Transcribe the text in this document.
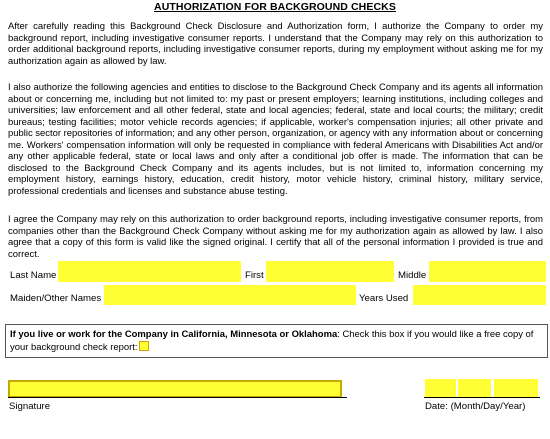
AUTHORIZATION FOR BACKGROUND CHECKS

After carefully reading this Background Check Disclosure and Authorization form, I authorize the Company to order my background report, including investigative consumer reports. I understand that the Company may rely on this authorization to order additional background reports, including investigative consumer reports, during my employment without asking me for my authorization again as allowed by law.

I also authorize the following agencies and entities to disclose to the Background Check Company and its agents all information about or concerning me, including but not limited to: my past or present employers; learning institutions, including colleges and universities; law enforcement and all other federal, state and local agencies; federal, state and local courts; the military; credit bureaus; testing facilities; motor vehicle records agencies; if applicable, worker's compensation injuries; all other private and public sector repositories of information; and any other person, organization, or agency with any information about or concerning me. Workers' compensation information will only be requested in compliance with federal Americans with Disabilities Act and/or any other applicable federal, state or local laws and only after a conditional job offer is made. The information that can be disclosed to the Background Check Company and its agents includes, but is not limited to, information concerning my employment history, earnings history, education, credit history, motor vehicle history, criminal history, military service, professional credentials and licenses and substance abuse testing.

I agree the Company may rely on this authorization to order background reports, including investigative consumer reports, from companies other than the Background Check Company without asking me for my authorization again as allowed by law. I also agree that a copy of this form is valid like the signed original. I certify that all of the personal information I provided is true and correct.

Last Name	First	Middle
Maiden/Other Names	Years Used
If you live or work for the Company in California, Minnesota or Oklahoma: Check this box if you would like a free copy of your background check report:
Signature	Date: (Month/Day/Year)
